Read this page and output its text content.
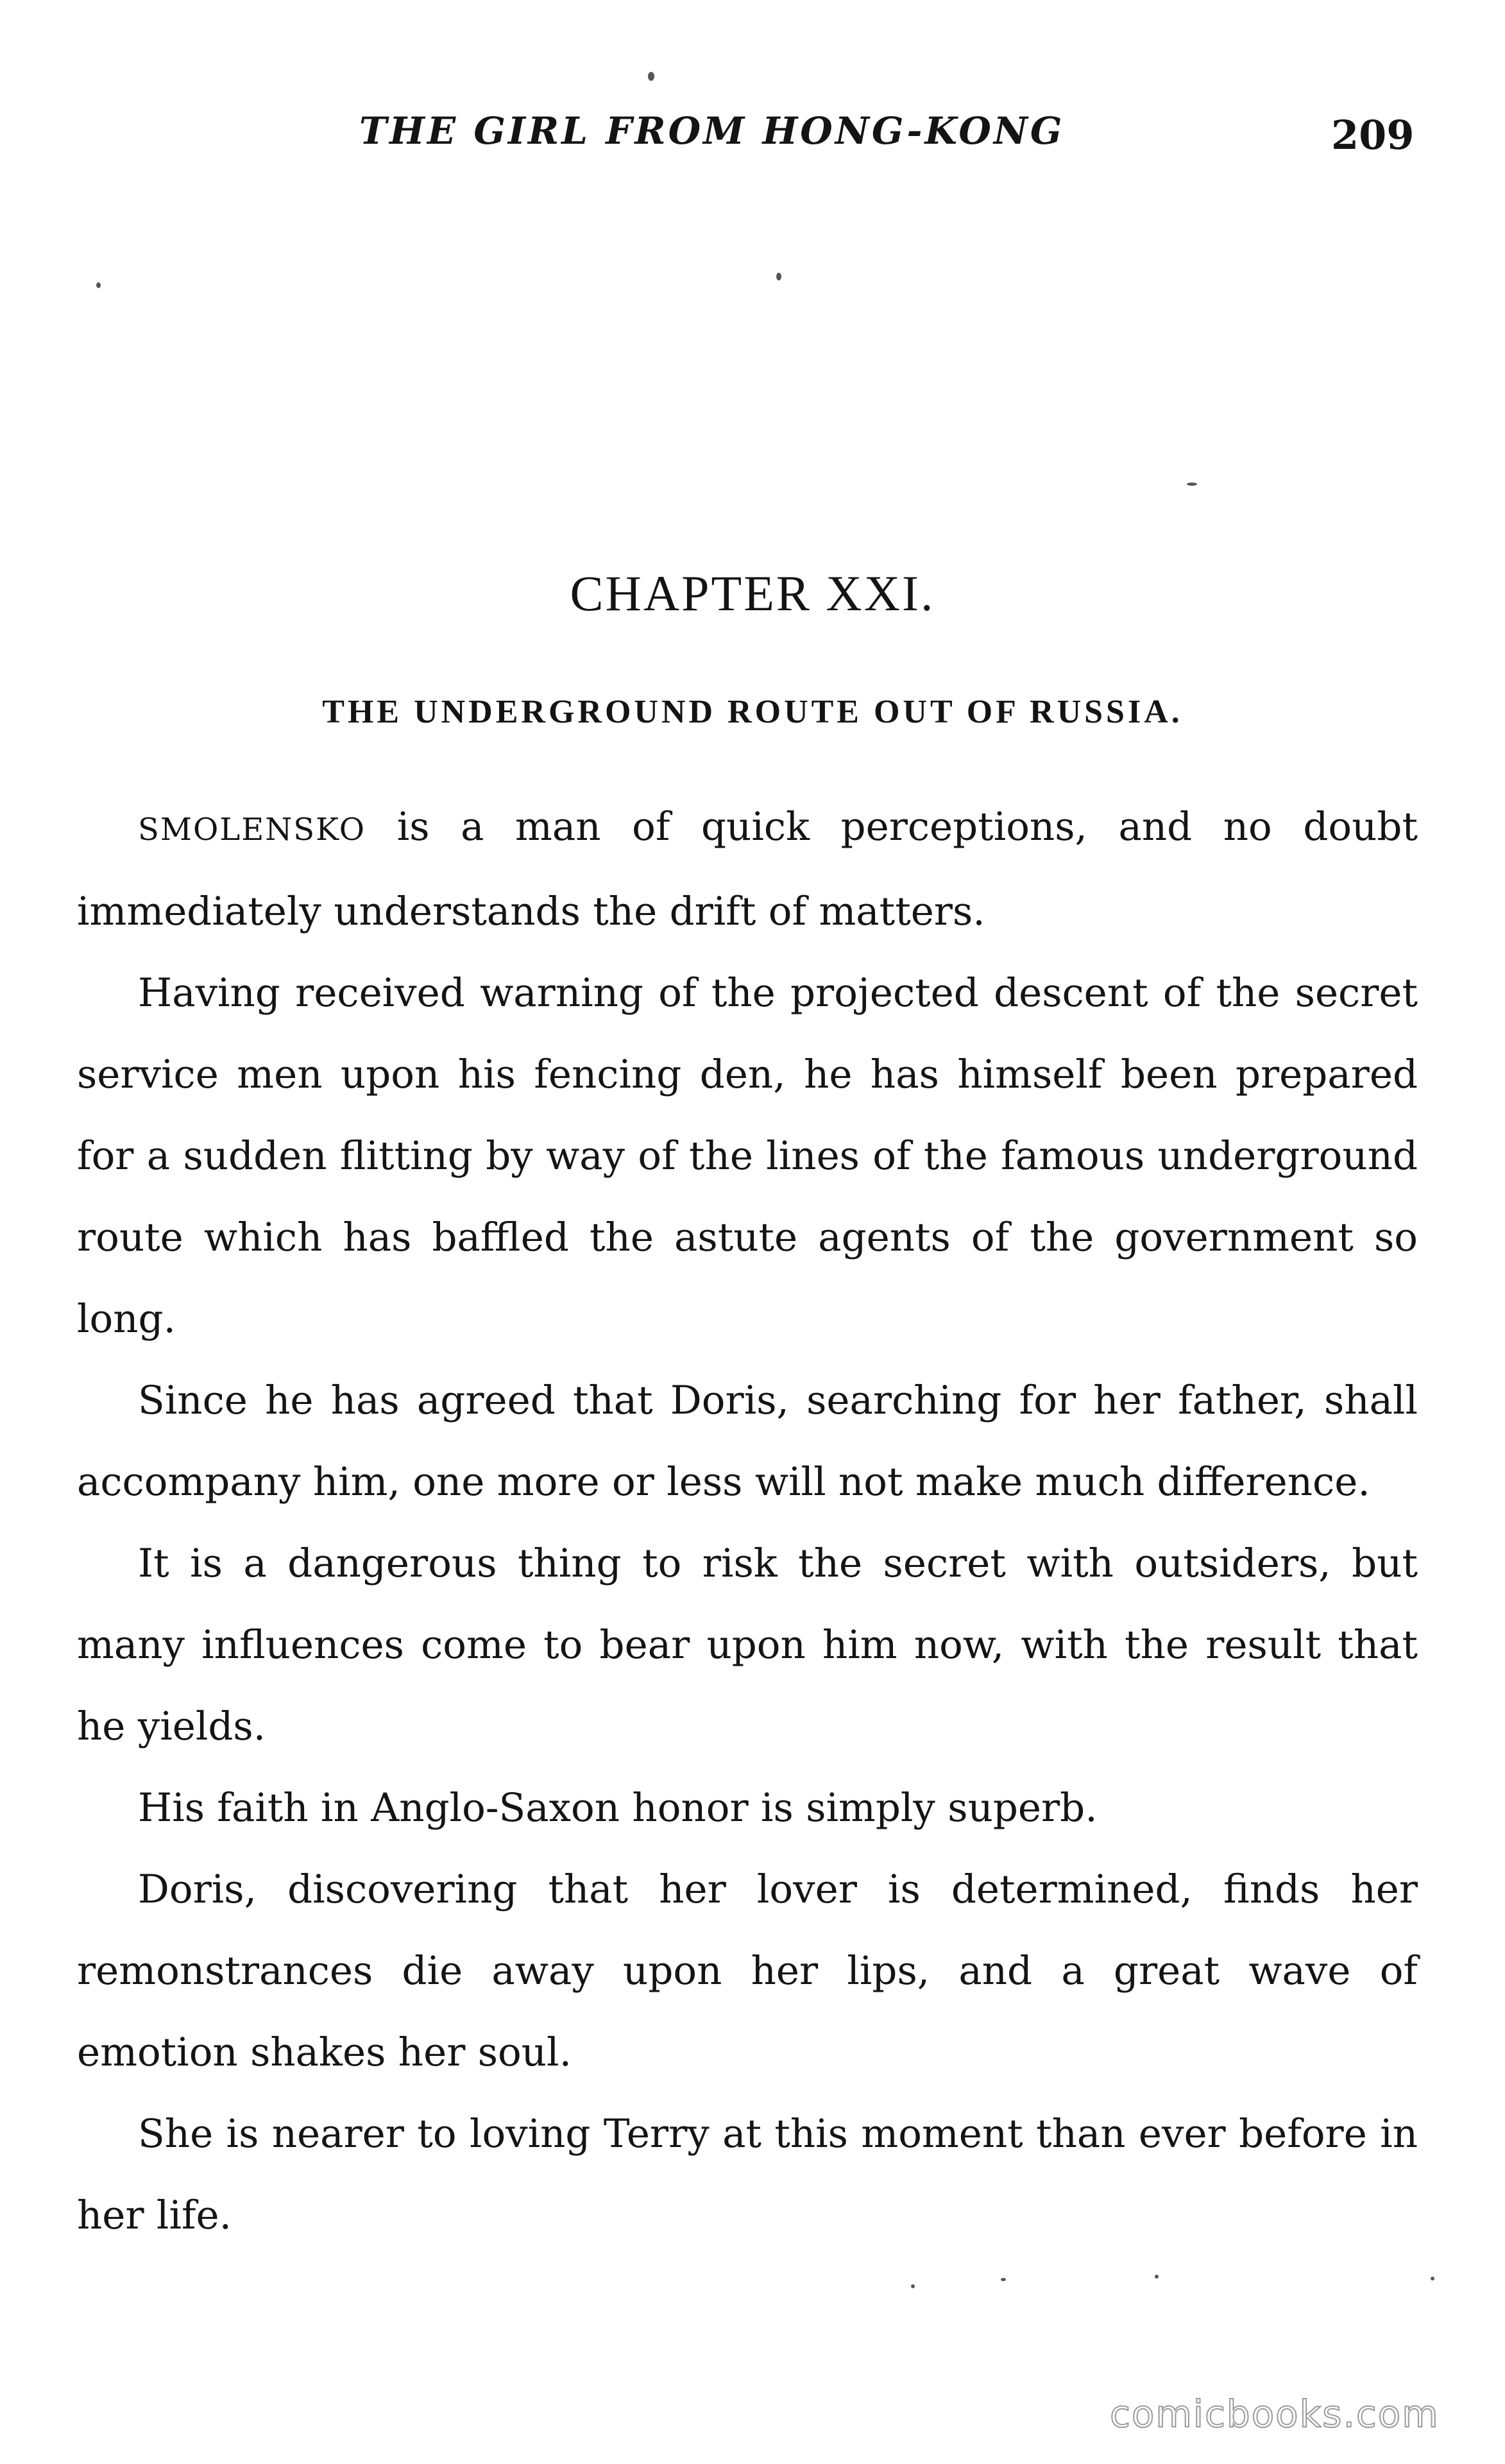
THE GIRL FROM HONG-KONG	209
CHAPTER XXI.
THE UNDERGROUND ROUTE OUT OF RUSSIA.

SMOLENSKO is a man of quick perceptions, and no doubt immediately understands the drift of matters.

Having received warning of the projected descent of the secret service men upon his fencing den, he has himself been prepared for a sudden flitting by way of the lines of the famous underground route which has baffled the astute agents of the government so long.

Since he has agreed that Doris, searching for her father, shall accompany him, one more or less will not make much difference.

It is a dangerous thing to risk the secret with outsiders, but many influences come to bear upon him now, with the result that he yields.

His faith in Anglo-Saxon honor is simply superb.

Doris, discovering that her lover is determined, finds her remonstrances die away upon her lips, and a great wave of emotion shakes her soul.

She is nearer to loving Terry at this moment than ever before in her life.

comicbooks.com
